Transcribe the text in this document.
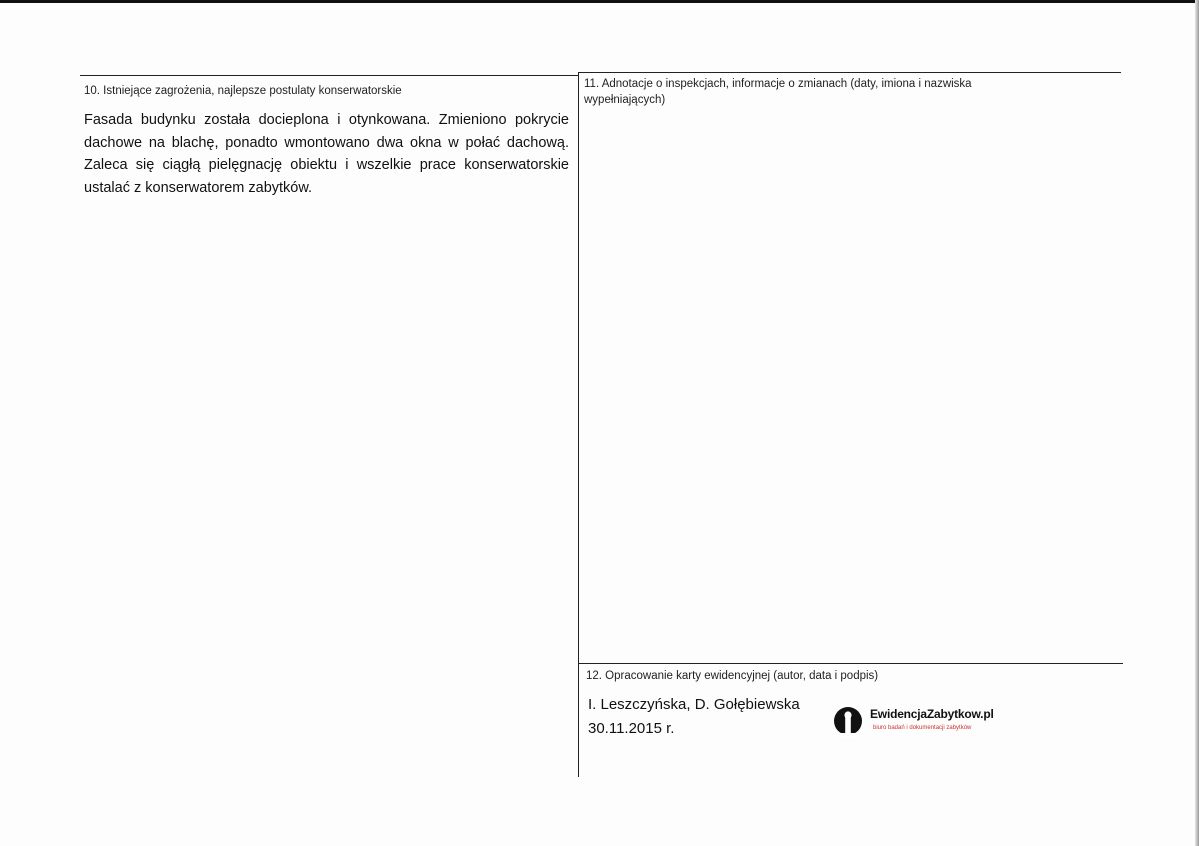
10. Istniejące zagrożenia, najlepsze postulaty konserwatorskie
Fasada budynku została docieplona i otynkowana. Zmieniono pokrycie dachowe na blachę, ponadto wmontowano dwa okna w połać dachową. Zaleca się ciągłą pielęgnację obiektu i wszelkie prace konserwatorskie ustalać z konserwatorem zabytków.
11. Adnotacje o inspekcjach, informacje o zmianach (daty, imiona i nazwiska wypełniających)
12. Opracowanie karty ewidencyjnej (autor, data i podpis)
I. Leszczyńska, D. Gołębiewska
30.11.2015 r.
EwidencjaZabytkow.pl
biuro badań i dokumentacji zabytków
